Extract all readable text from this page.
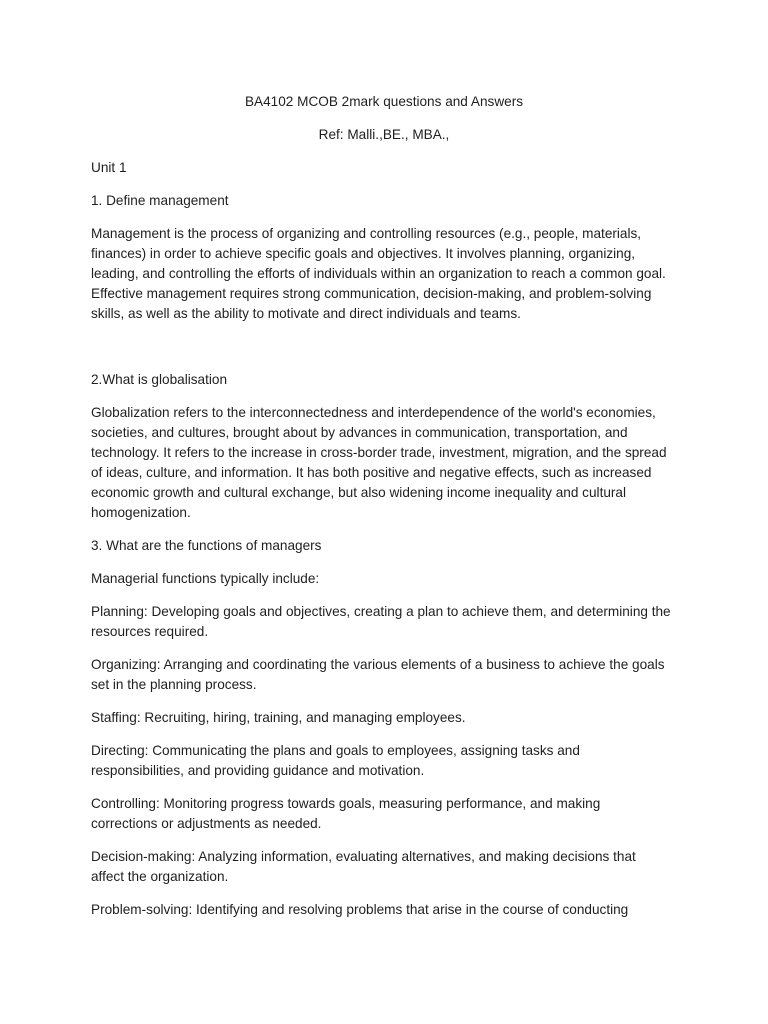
BA4102 MCOB 2mark questions and Answers
Ref: Malli.,BE., MBA.,
Unit 1
1. Define management
Management is the process of organizing and controlling resources (e.g., people, materials,
finances) in order to achieve specific goals and objectives. It involves planning, organizing,
leading, and controlling the efforts of individuals within an organization to reach a common goal.
Effective management requires strong communication, decision-making, and problem-solving
skills, as well as the ability to motivate and direct individuals and teams.
2.What is globalisation
Globalization refers to the interconnectedness and interdependence of the world's economies,
societies, and cultures, brought about by advances in communication, transportation, and
technology. It refers to the increase in cross-border trade, investment, migration, and the spread
of ideas, culture, and information. It has both positive and negative effects, such as increased
economic growth and cultural exchange, but also widening income inequality and cultural
homogenization.
3. What are the functions of managers
Managerial functions typically include:
Planning: Developing goals and objectives, creating a plan to achieve them, and determining the
resources required.
Organizing: Arranging and coordinating the various elements of a business to achieve the goals
set in the planning process.
Staffing: Recruiting, hiring, training, and managing employees.
Directing: Communicating the plans and goals to employees, assigning tasks and
responsibilities, and providing guidance and motivation.
Controlling: Monitoring progress towards goals, measuring performance, and making
corrections or adjustments as needed.
Decision-making: Analyzing information, evaluating alternatives, and making decisions that
affect the organization.
Problem-solving: Identifying and resolving problems that arise in the course of conducting
